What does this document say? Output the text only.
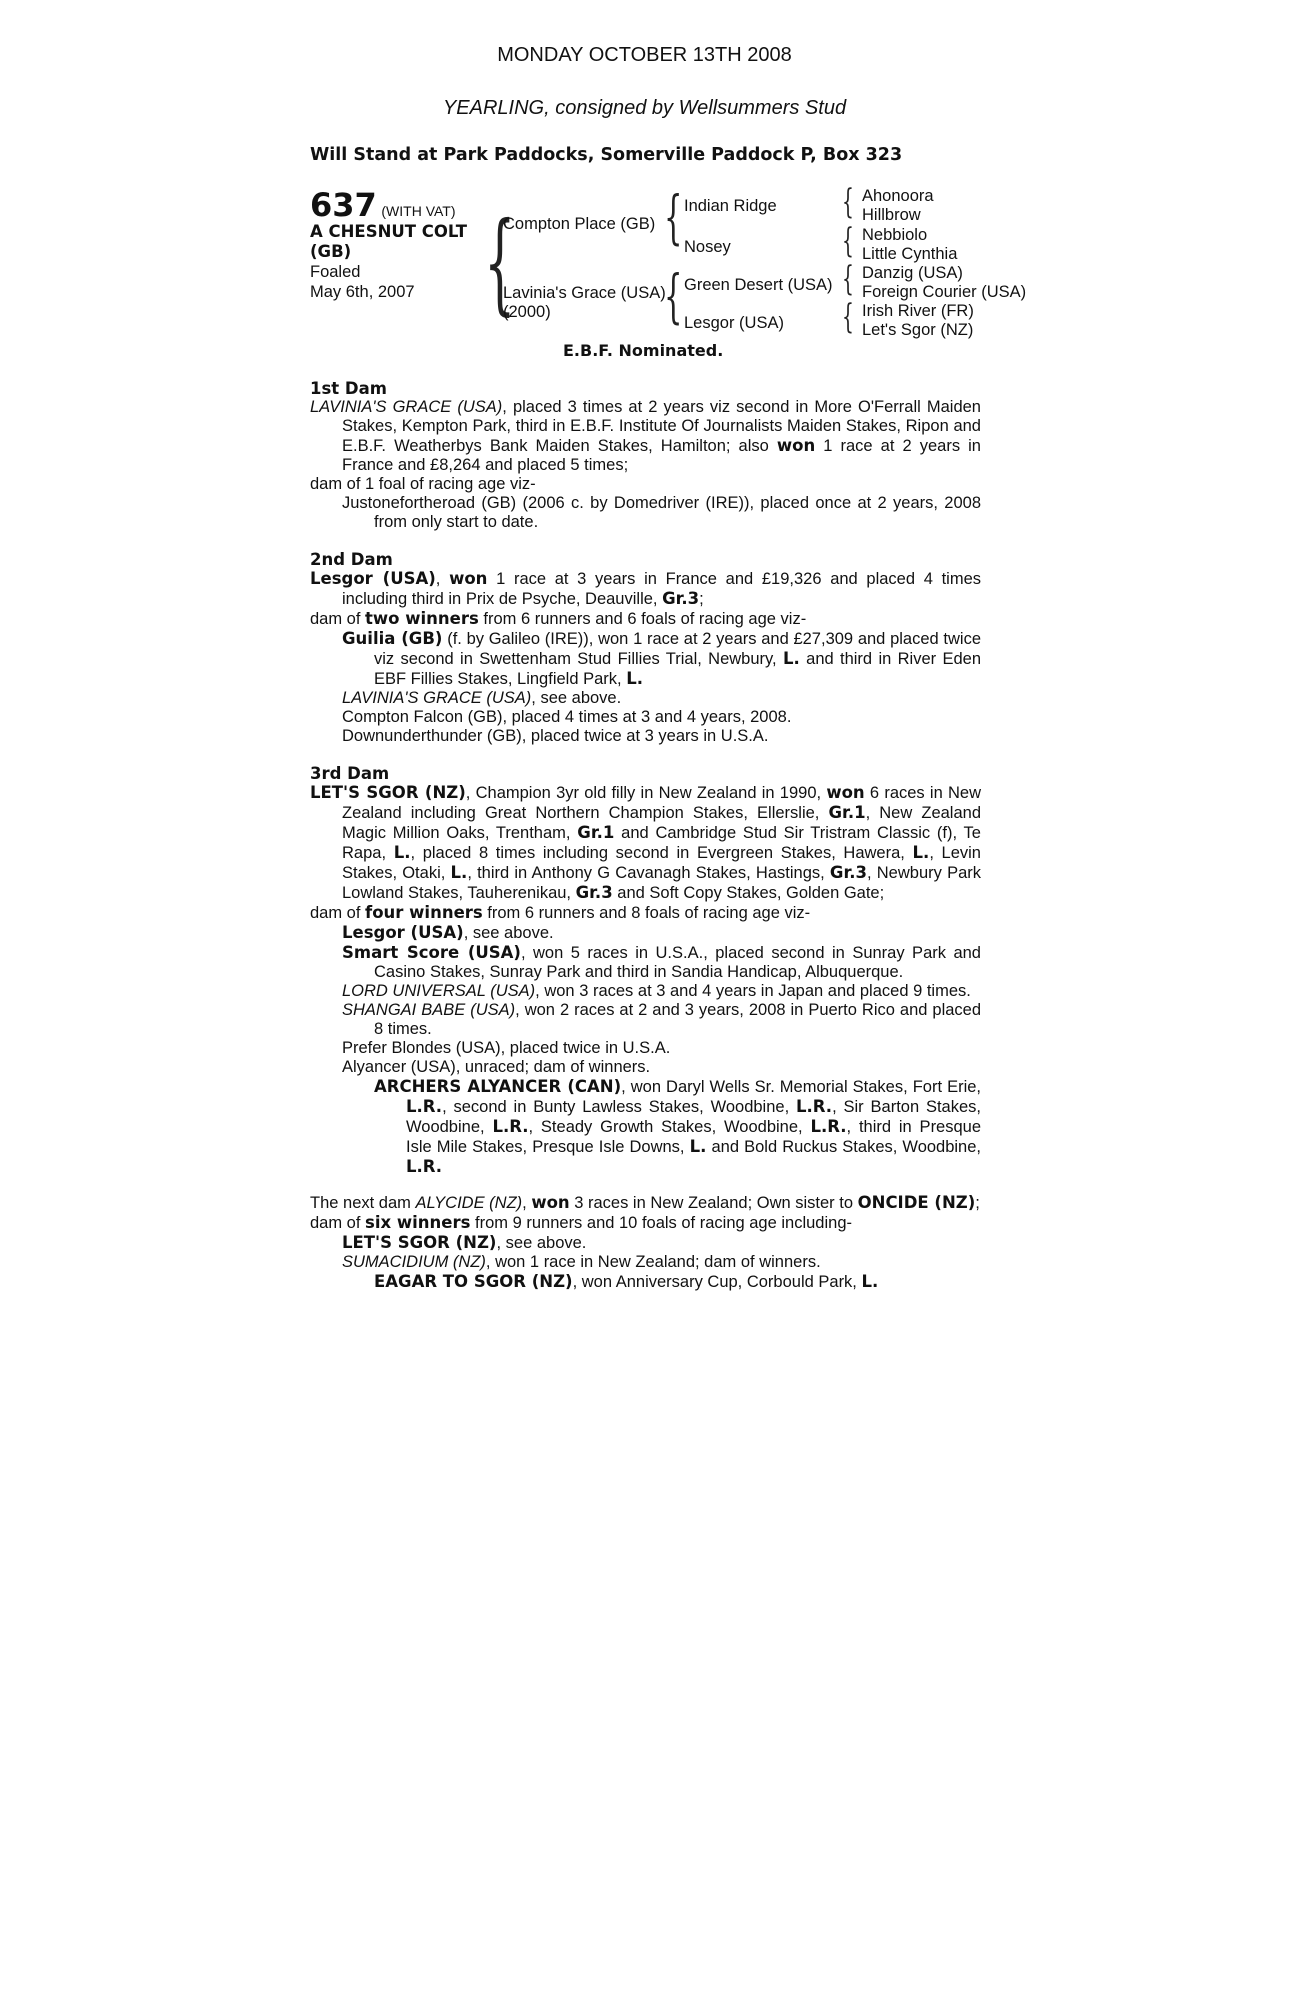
MONDAY OCTOBER 13TH 2008
YEARLING, consigned by Wellsummers Stud
Will Stand at Park Paddocks, Somerville Paddock P, Box 323
637 (WITH VAT)
A CHESNUT COLT
(GB)
Foaled
May 6th, 2007 {
Compton Place (GB)
Lavinia's Grace (USA)
(2000)
{
{
Indian Ridge
Nosey
Green Desert (USA)
Lesgor (USA)
{
{
{
{
Ahonoora
Hillbrow
Nebbiolo
Little Cynthia
Danzig (USA)
Foreign Courier (USA)
Irish River (FR)
Let's Sgor (NZ)
E.B.F. Nominated.
1st Dam
LAVINIA'S GRACE (USA), placed 3 times at 2 years viz second in More O'Ferrall Maiden Stakes, Kempton Park, third in E.B.F. Institute Of Journalists Maiden Stakes, Ripon and E.B.F. Weatherbys Bank Maiden Stakes, Hamilton; also won 1 race at 2 years in France and £8,264 and placed 5 times;
dam of 1 foal of racing age viz-
Justonefortheroad (GB) (2006 c. by Domedriver (IRE)), placed once at 2 years, 2008 from only start to date.
2nd Dam
Lesgor (USA), won 1 race at 3 years in France and £19,326 and placed 4 times including third in Prix de Psyche, Deauville, Gr.3;
dam of two winners from 6 runners and 6 foals of racing age viz-
Guilia (GB) (f. by Galileo (IRE)), won 1 race at 2 years and £27,309 and placed twice viz second in Swettenham Stud Fillies Trial, Newbury, L. and third in River Eden EBF Fillies Stakes, Lingfield Park, L.
LAVINIA'S GRACE (USA), see above.
Compton Falcon (GB), placed 4 times at 3 and 4 years, 2008.
Downunderthunder (GB), placed twice at 3 years in U.S.A.
3rd Dam
LET'S SGOR (NZ), Champion 3yr old filly in New Zealand in 1990, won 6 races in New Zealand including Great Northern Champion Stakes, Ellerslie, Gr.1, New Zealand Magic Million Oaks, Trentham, Gr.1 and Cambridge Stud Sir Tristram Classic (f), Te Rapa, L., placed 8 times including second in Evergreen Stakes, Hawera, L., Levin Stakes, Otaki, L., third in Anthony G Cavanagh Stakes, Hastings, Gr.3, Newbury Park Lowland Stakes, Tauherenikau, Gr.3 and Soft Copy Stakes, Golden Gate;
dam of four winners from 6 runners and 8 foals of racing age viz-
Lesgor (USA), see above.
Smart Score (USA), won 5 races in U.S.A., placed second in Sunray Park and Casino Stakes, Sunray Park and third in Sandia Handicap, Albuquerque.
LORD UNIVERSAL (USA), won 3 races at 3 and 4 years in Japan and placed 9 times.
SHANGAI BABE (USA), won 2 races at 2 and 3 years, 2008 in Puerto Rico and placed 8 times.
Prefer Blondes (USA), placed twice in U.S.A.
Alyancer (USA), unraced; dam of winners.
ARCHERS ALYANCER (CAN), won Daryl Wells Sr. Memorial Stakes, Fort Erie, L.R., second in Bunty Lawless Stakes, Woodbine, L.R., Sir Barton Stakes, Woodbine, L.R., Steady Growth Stakes, Woodbine, L.R., third in Presque Isle Mile Stakes, Presque Isle Downs, L. and Bold Ruckus Stakes, Woodbine, L.R.
The next dam ALYCIDE (NZ), won 3 races in New Zealand; Own sister to ONCIDE (NZ);
dam of six winners from 9 runners and 10 foals of racing age including-
LET'S SGOR (NZ), see above.
SUMACIDIUM (NZ), won 1 race in New Zealand; dam of winners.
EAGAR TO SGOR (NZ), won Anniversary Cup, Corbould Park, L.
